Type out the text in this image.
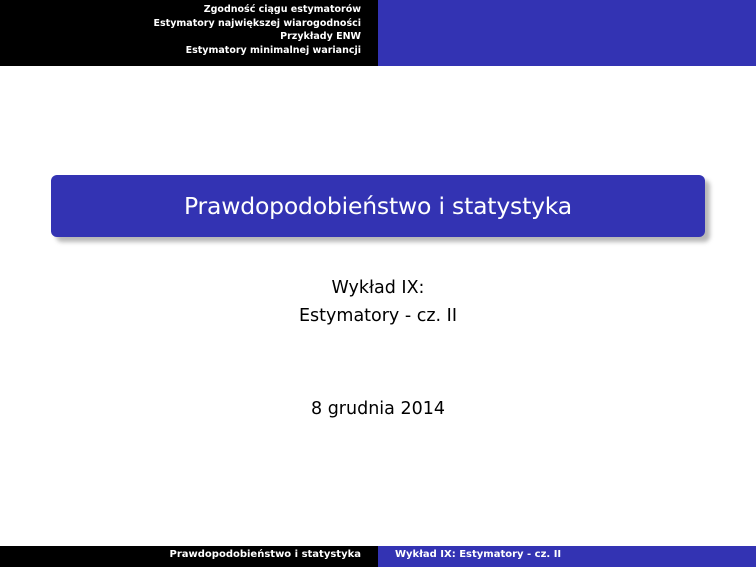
Zgodność ciągu estymatorów
Estymatory największej wiarogodności
Przykłady ENW
Estymatory minimalnej wariancji
Prawdopodobieństwo i statystyka
Wykład IX:
Estymatory - cz. II
8 grudnia 2014
Prawdopodobieństwo i statystyka	Wykład IX: Estymatory - cz. II
